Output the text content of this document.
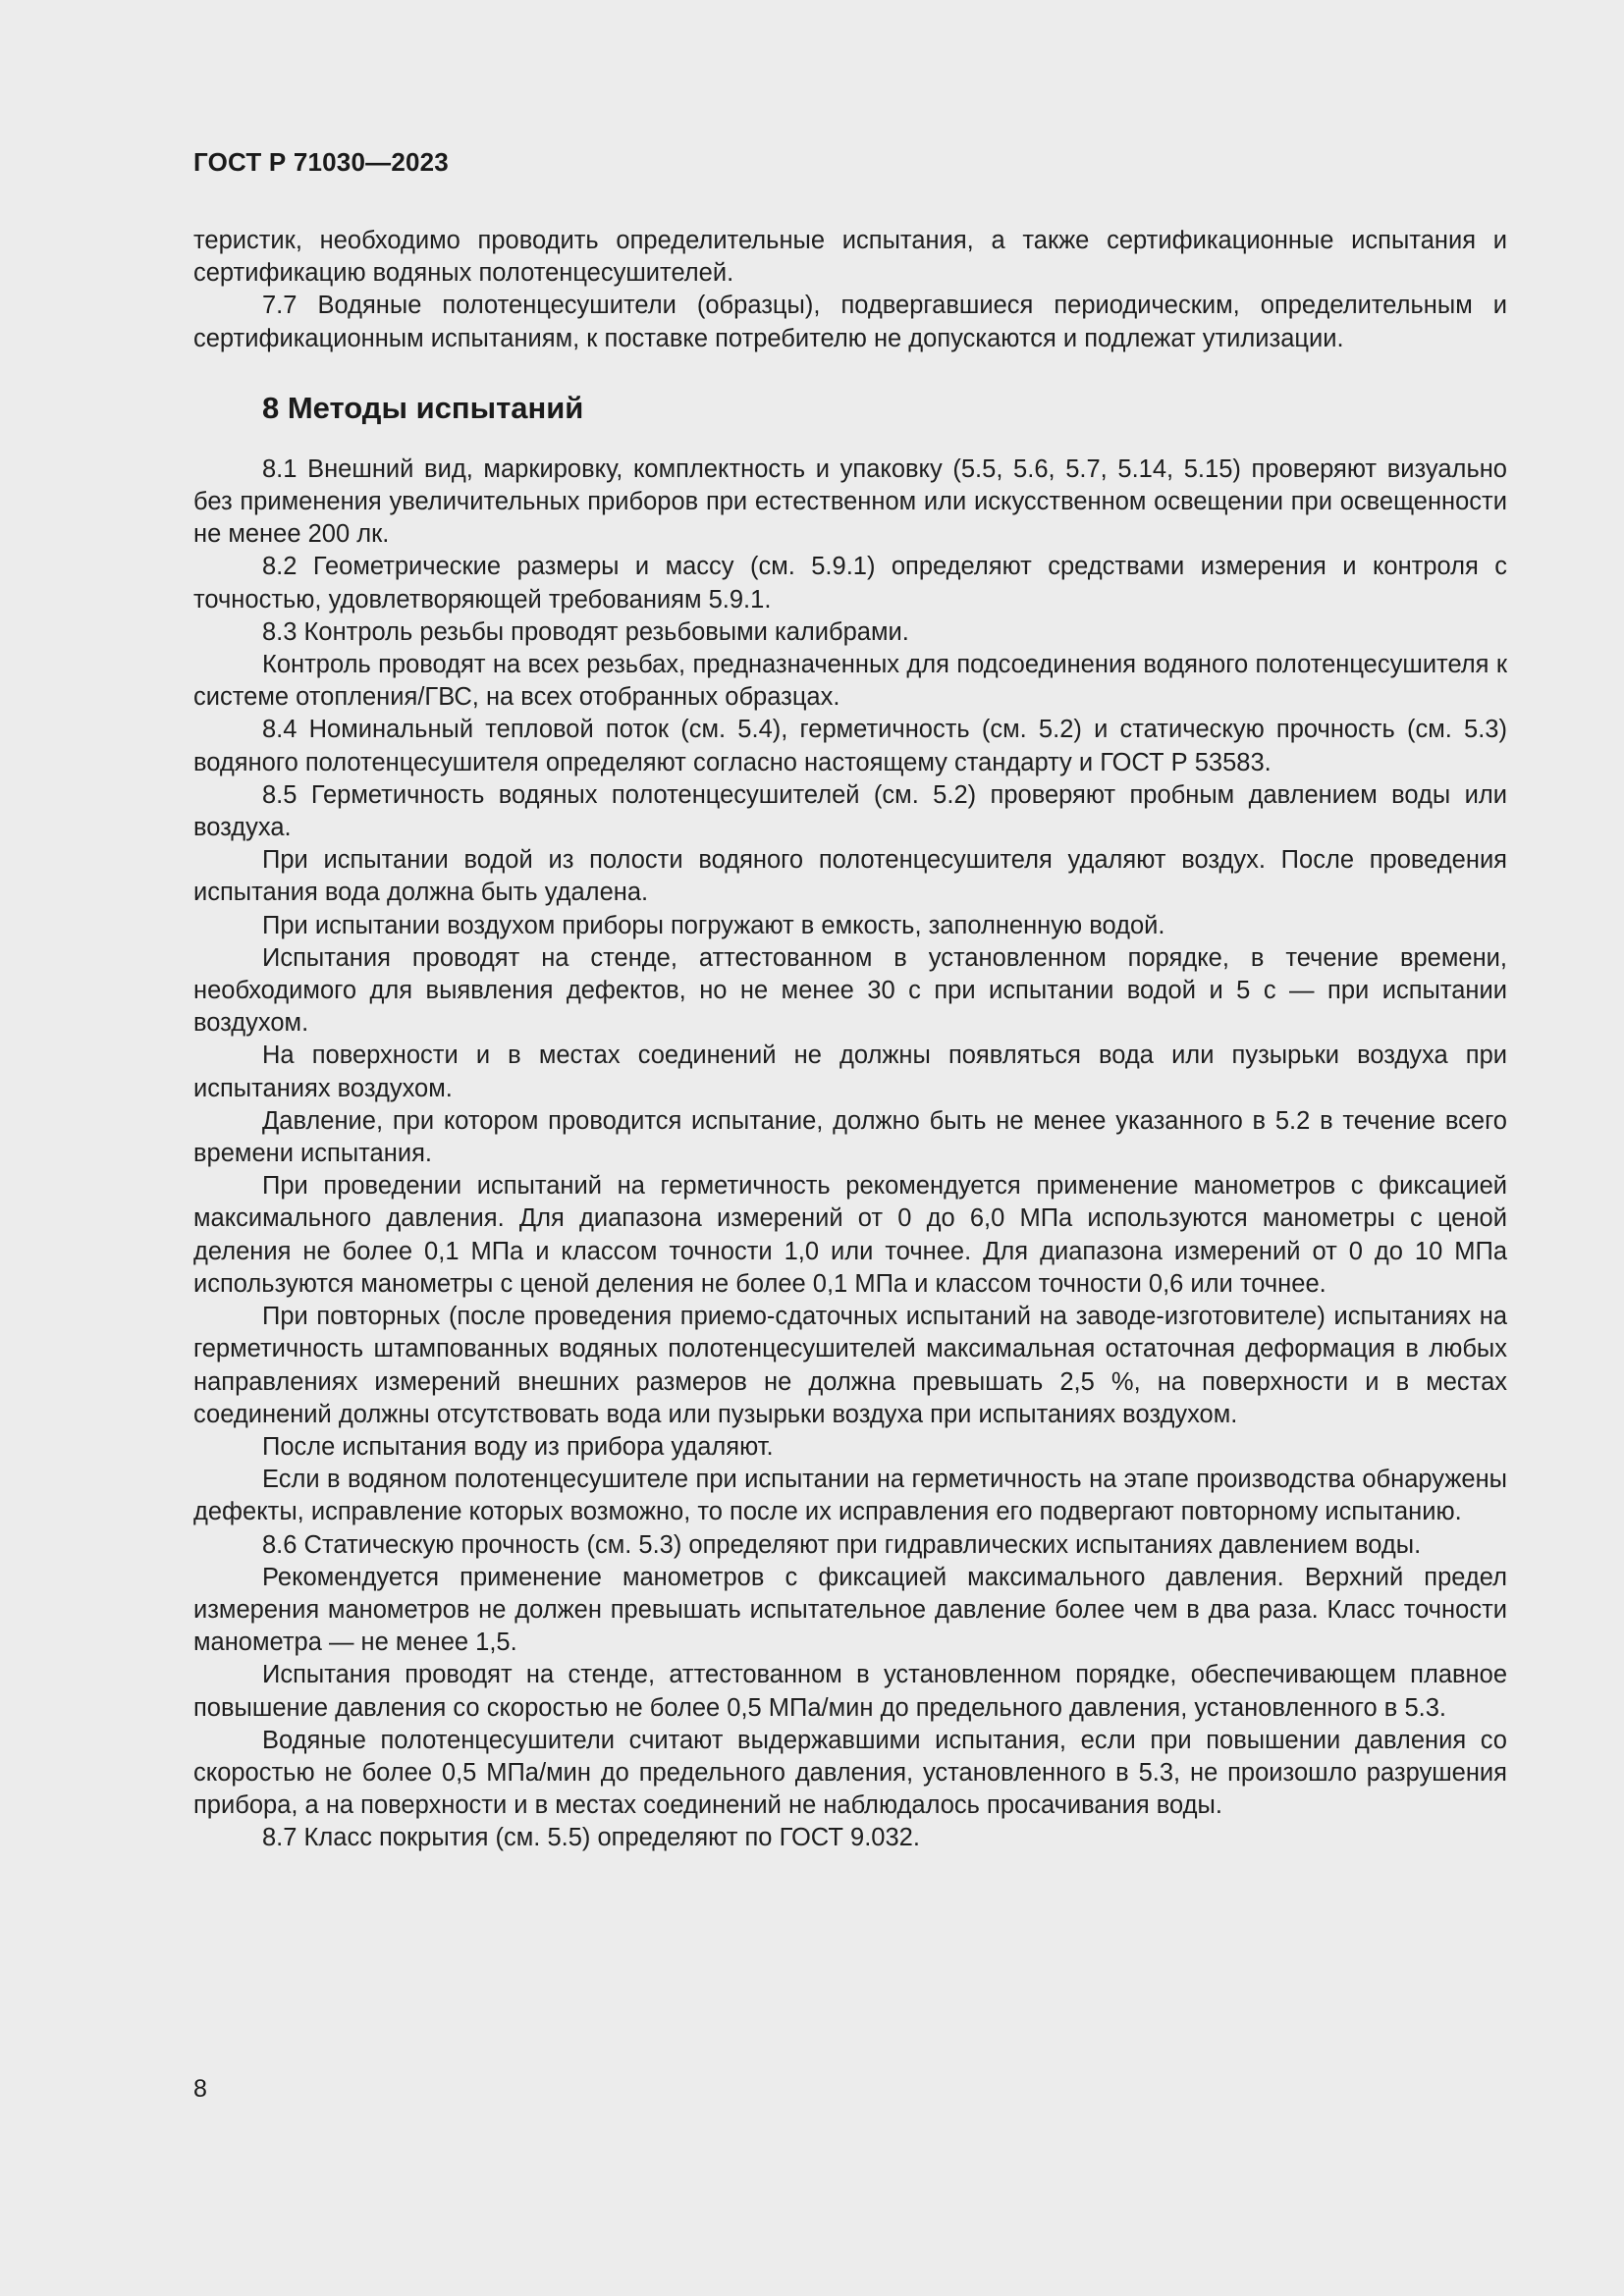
ГОСТ Р 71030—2023

теристик, необходимо проводить определительные испытания, а также сертификационные испытания и сертификацию водяных полотенцесушителей.

7.7 Водяные полотенцесушители (образцы), подвергавшиеся периодическим, определительным и сертификационным испытаниям, к поставке потребителю не допускаются и подлежат утилизации.

8 Методы испытаний

8.1 Внешний вид, маркировку, комплектность и упаковку (5.5, 5.6, 5.7, 5.14, 5.15) проверяют визуально без применения увеличительных приборов при естественном или искусственном освещении при освещенности не менее 200 лк.

8.2 Геометрические размеры и массу (см. 5.9.1) определяют средствами измерения и контроля с точностью, удовлетворяющей требованиям 5.9.1.

8.3 Контроль резьбы проводят резьбовыми калибрами.

Контроль проводят на всех резьбах, предназначенных для подсоединения водяного полотенцесушителя к системе отопления/ГВС, на всех отобранных образцах.

8.4 Номинальный тепловой поток (см. 5.4), герметичность (см. 5.2) и статическую прочность (см. 5.3) водяного полотенцесушителя определяют согласно настоящему стандарту и ГОСТ Р 53583.

8.5 Герметичность водяных полотенцесушителей (см. 5.2) проверяют пробным давлением воды или воздуха.

При испытании водой из полости водяного полотенцесушителя удаляют воздух. После проведения испытания вода должна быть удалена.

При испытании воздухом приборы погружают в емкость, заполненную водой.

Испытания проводят на стенде, аттестованном в установленном порядке, в течение времени, необходимого для выявления дефектов, но не менее 30 с при испытании водой и 5 с — при испытании воздухом.

На поверхности и в местах соединений не должны появляться вода или пузырьки воздуха при испытаниях воздухом.

Давление, при котором проводится испытание, должно быть не менее указанного в 5.2 в течение всего времени испытания.

При проведении испытаний на герметичность рекомендуется применение манометров с фиксацией максимального давления. Для диапазона измерений от 0 до 6,0 МПа используются манометры с ценой деления не более 0,1 МПа и классом точности 1,0 или точнее. Для диапазона измерений от 0 до 10 МПа используются манометры с ценой деления не более 0,1 МПа и классом точности 0,6 или точнее.

При повторных (после проведения приемо-сдаточных испытаний на заводе-изготовителе) испытаниях на герметичность штампованных водяных полотенцесушителей максимальная остаточная деформация в любых направлениях измерений внешних размеров не должна превышать 2,5 %, на поверхности и в местах соединений должны отсутствовать вода или пузырьки воздуха при испытаниях воздухом.

После испытания воду из прибора удаляют.

Если в водяном полотенцесушителе при испытании на герметичность на этапе производства обнаружены дефекты, исправление которых возможно, то после их исправления его подвергают повторному испытанию.

8.6 Статическую прочность (см. 5.3) определяют при гидравлических испытаниях давлением воды.

Рекомендуется применение манометров с фиксацией максимального давления. Верхний предел измерения манометров не должен превышать испытательное давление более чем в два раза. Класс точности манометра — не менее 1,5.

Испытания проводят на стенде, аттестованном в установленном порядке, обеспечивающем плавное повышение давления со скоростью не более 0,5 МПа/мин до предельного давления, установленного в 5.3.

Водяные полотенцесушители считают выдержавшими испытания, если при повышении давления со скоростью не более 0,5 МПа/мин до предельного давления, установленного в 5.3, не произошло разрушения прибора, а на поверхности и в местах соединений не наблюдалось просачивания воды.

8.7 Класс покрытия (см. 5.5) определяют по ГОСТ 9.032.

8
